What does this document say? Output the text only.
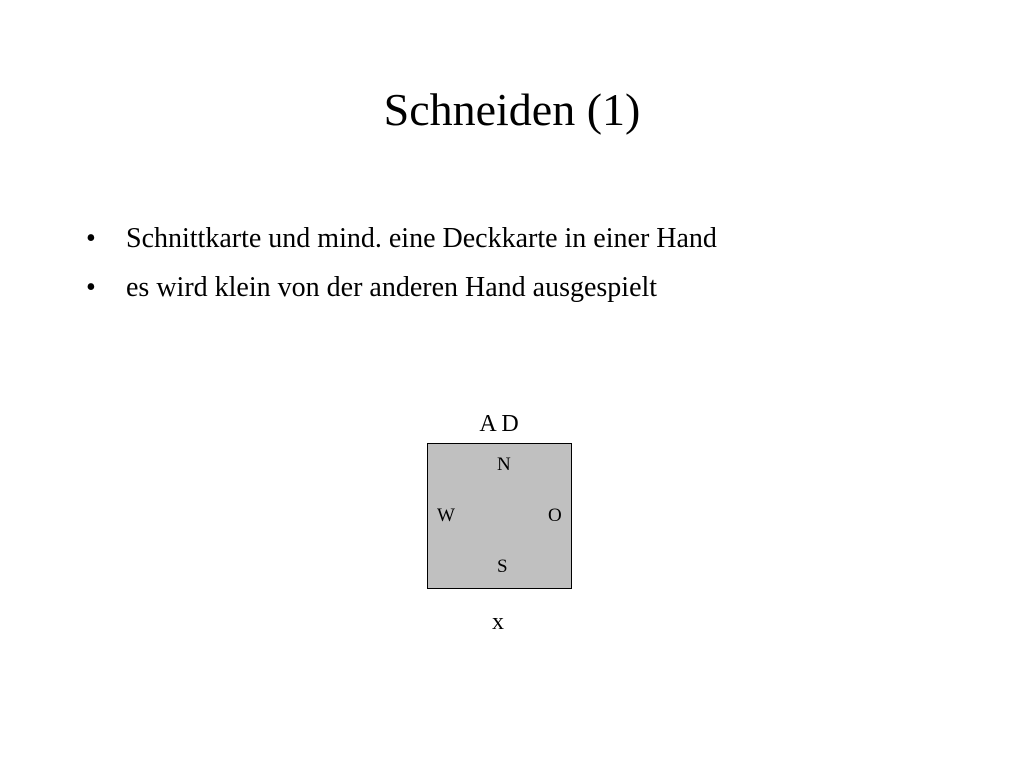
Schneiden (1)
• Schnittkarte und mind. eine Deckkarte in einer Hand
• es wird klein von der anderen Hand ausgespielt
A D
N
W	O
S
x
